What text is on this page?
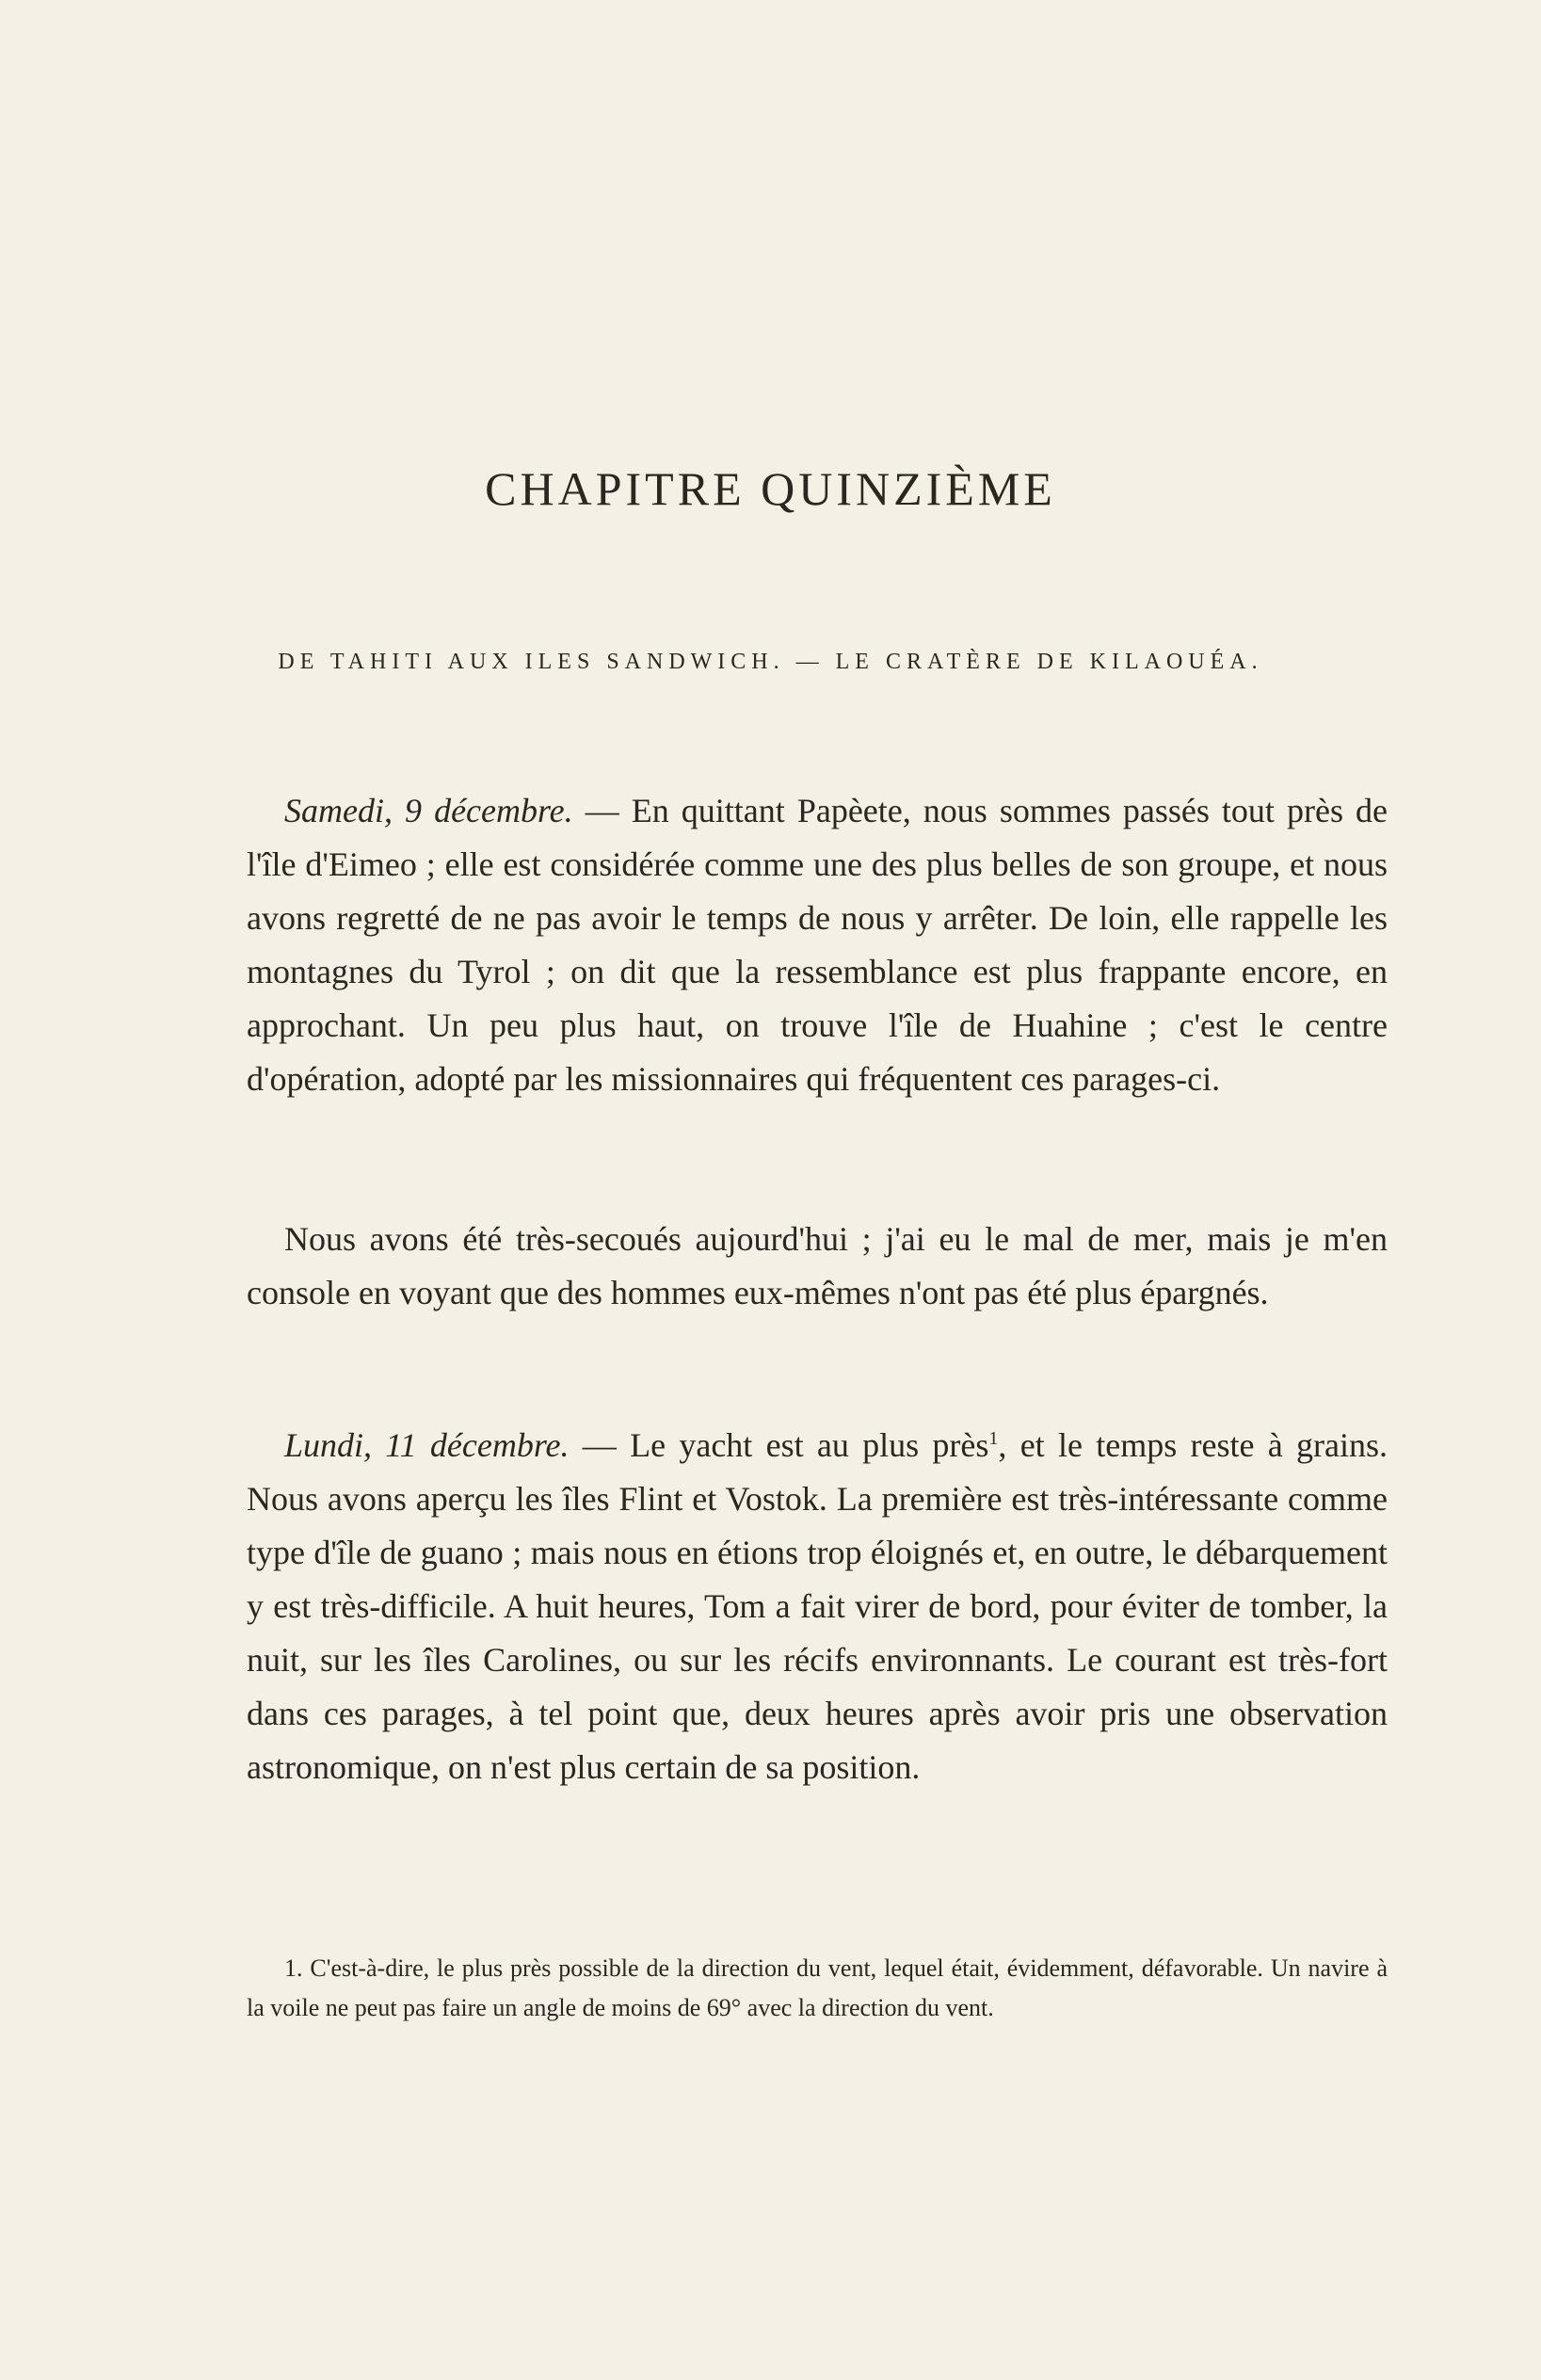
CHAPITRE QUINZIÈME
DE TAHITI AUX ILES SANDWICH. — LE CRATÈRE DE KILAOUÉA.

Samedi, 9 décembre. — En quittant Papèete, nous sommes passés tout près de l'île d'Eimeo ; elle est considérée comme une des plus belles de son groupe, et nous avons regretté de ne pas avoir le temps de nous y arrêter. De loin, elle rappelle les montagnes du Tyrol ; on dit que la ressemblance est plus frappante encore, en approchant. Un peu plus haut, on trouve l'île de Huahine ; c'est le centre d'opération, adopté par les missionnaires qui fréquentent ces parages-ci.

Nous avons été très-secoués aujourd'hui ; j'ai eu le mal de mer, mais je m'en console en voyant que des hommes eux-mêmes n'ont pas été plus épargnés.

Lundi, 11 décembre. — Le yacht est au plus près$^1$, et le temps reste à grains. Nous avons aperçu les îles Flint et Vostok. La première est très-intéressante comme type d'île de guano ; mais nous en étions trop éloignés et, en outre, le débarquement y est très-difficile. A huit heures, Tom a fait virer de bord, pour éviter de tomber, la nuit, sur les îles Carolines, ou sur les récifs environnants. Le courant est très-fort dans ces parages, à tel point que, deux heures après avoir pris une observation astronomique, on n'est plus certain de sa position.

1. C'est-à-dire, le plus près possible de la direction du vent, lequel était, évidemment, défavorable. Un navire à la voile ne peut pas faire un angle de moins de 69° avec la direction du vent.
